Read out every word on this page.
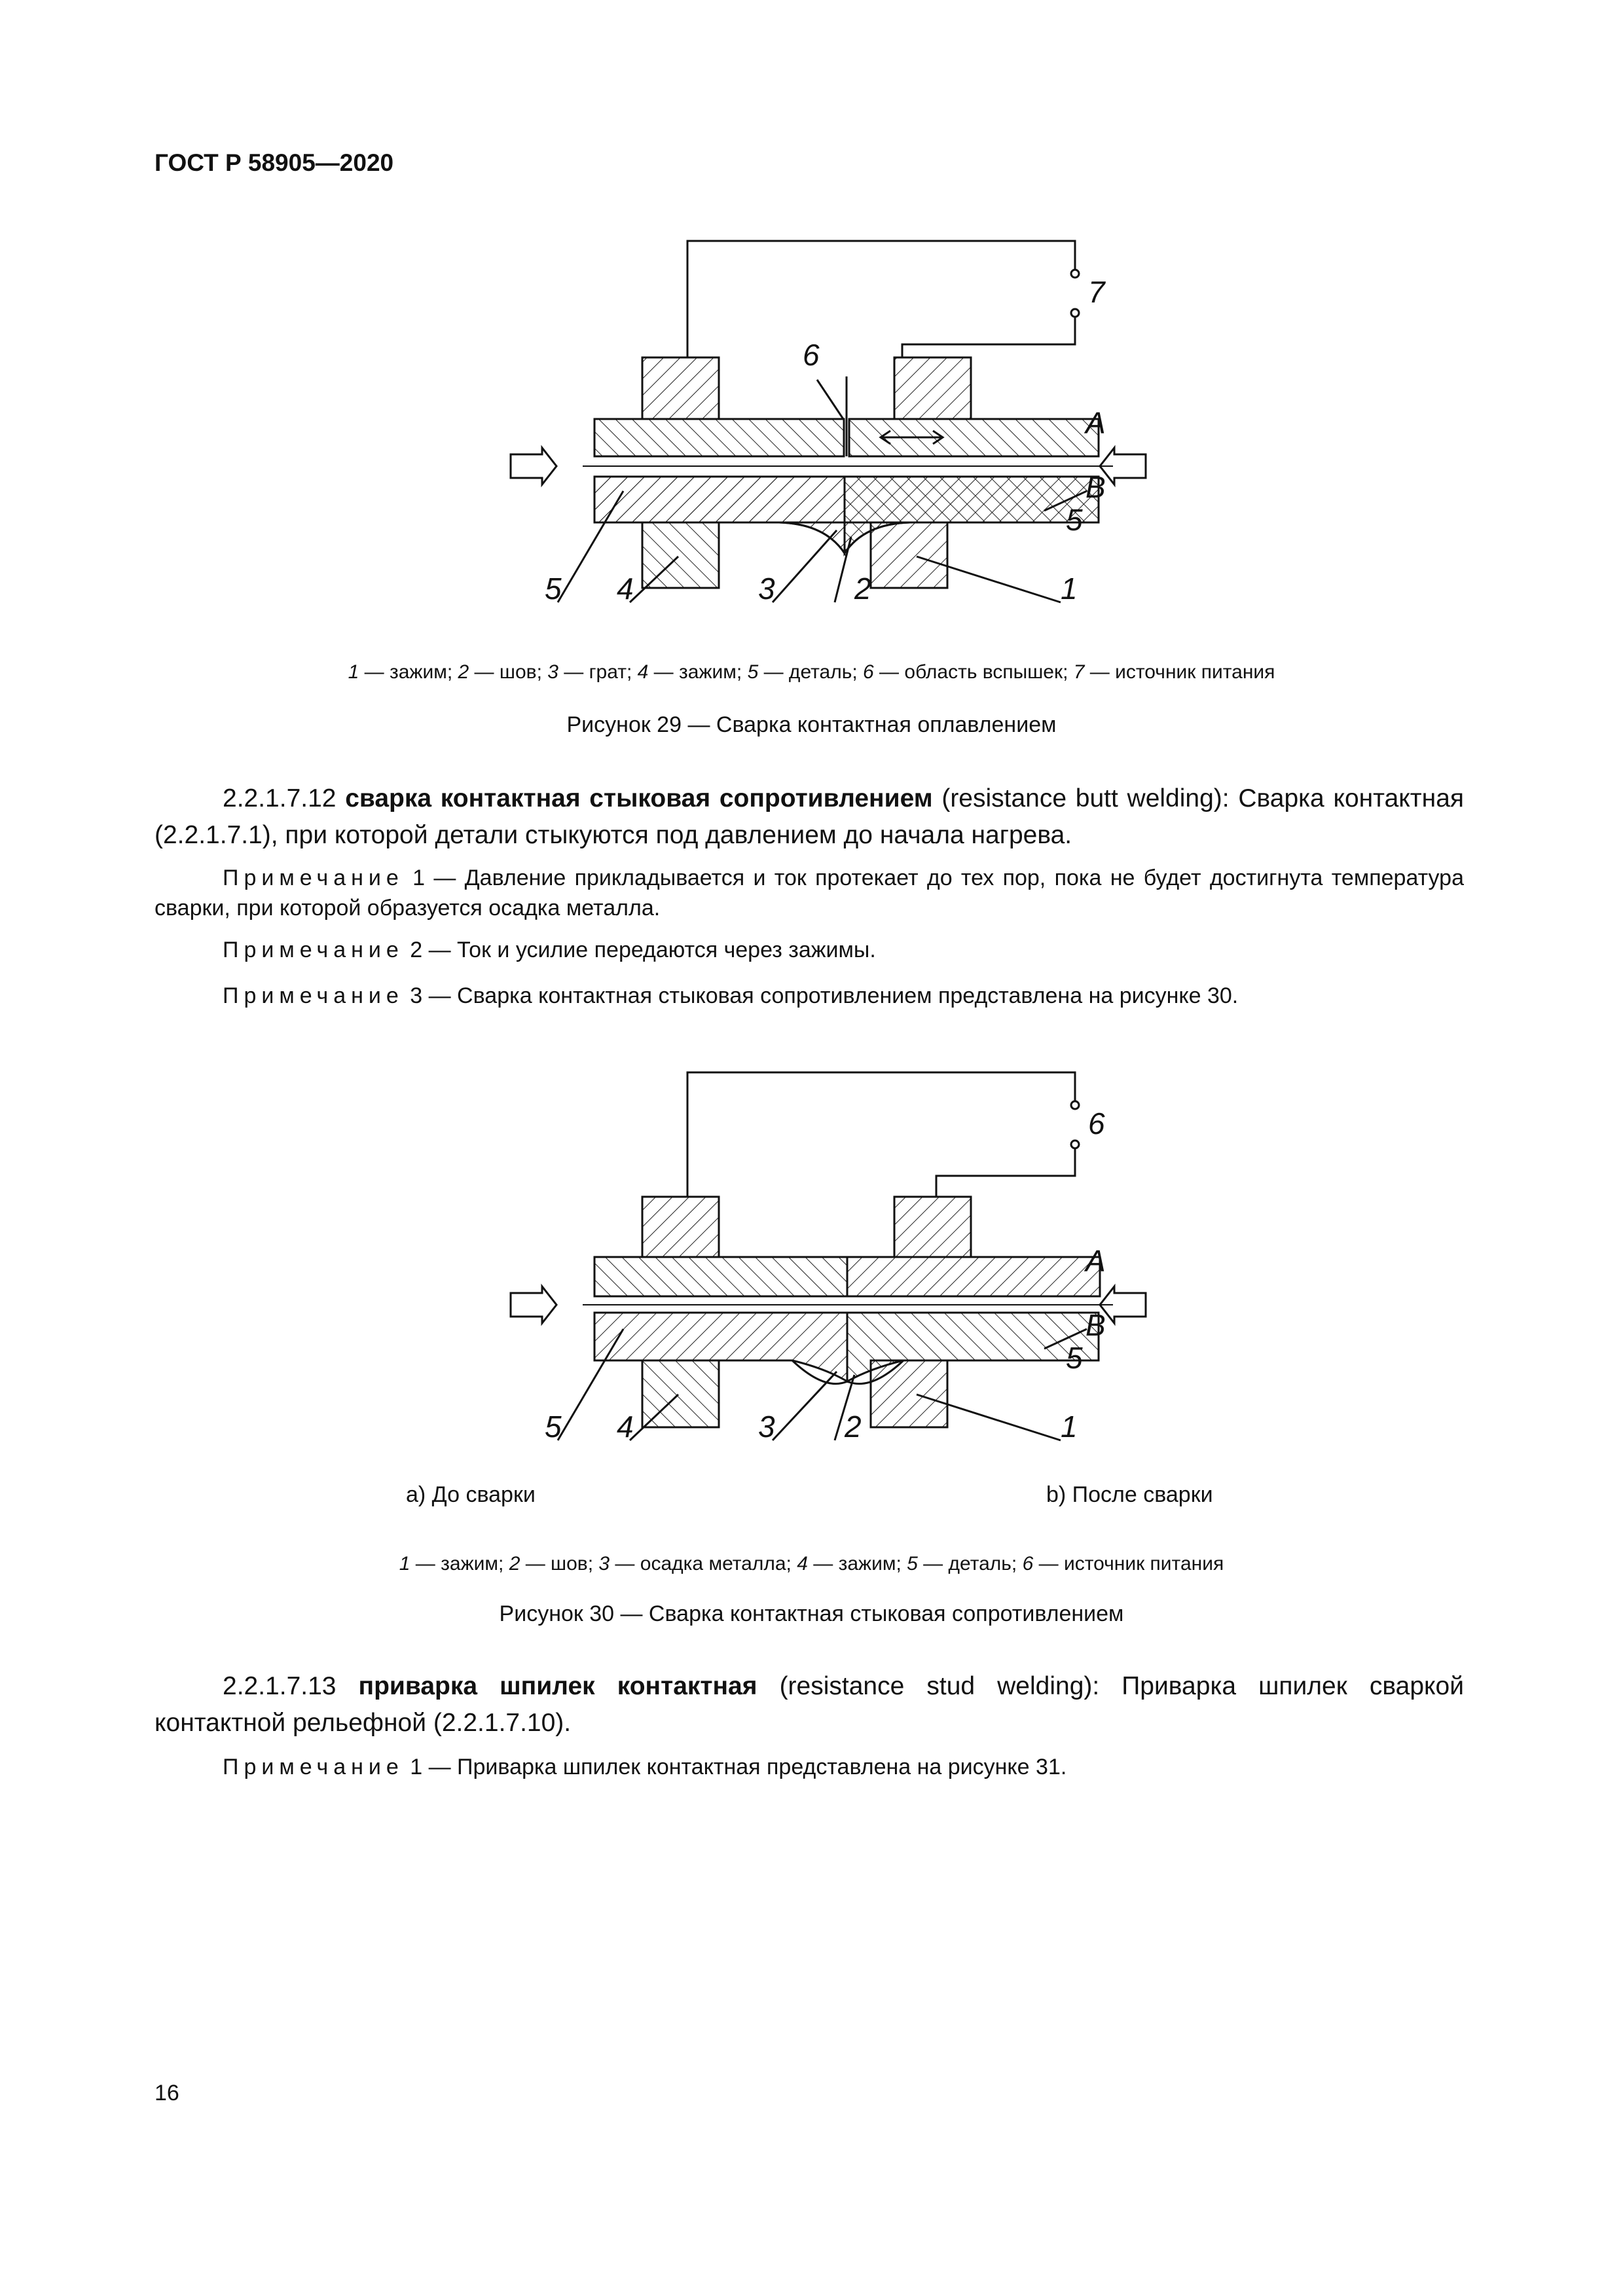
ГОСТ Р 58905—2020
5 4	3	2	1
5
6
7
A
B
1 — зажим; 2 — шов; 3 — грат; 4 — зажим; 5 — деталь; 6 — область вспышек; 7 — источник питания
Рисунок 29 — Сварка контактная оплавлением
2.2.1.7.12 сварка контактная стыковая сопротивлением (resistance butt welding): Сварка контактная (2.2.1.7.1), при которой детали стыкуются под давлением до начала нагрева.
Примечание 1 — Давление прикладывается и ток протекает до тех пор, пока не будет достигнута температура сварки, при которой образуется осадка металла.
Примечание 2 — Ток и усилие передаются через зажимы.
Примечание 3 — Сварка контактная стыковая сопротивлением представлена на рисунке 30.
5 4	3 2	1
5
6
A
B
a) До сварки	b) После сварки
1 — зажим; 2 — шов; 3 — осадка металла; 4 — зажим; 5 — деталь; 6 — источник питания
Рисунок 30 — Сварка контактная стыковая сопротивлением
2.2.1.7.13 приварка шпилек контактная (resistance stud welding): Приварка шпилек сваркой контактной рельефной (2.2.1.7.10).
Примечание 1 — Приварка шпилек контактная представлена на рисунке 31.
16
